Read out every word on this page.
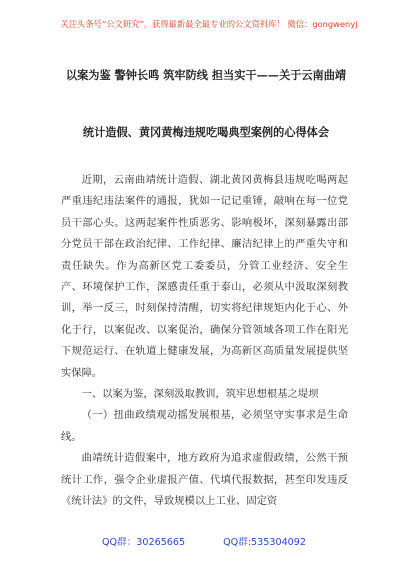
关注头条号“公文研究”，获得最新最全最专业的公文资料库！ 微信：gongwenyj
以案为鉴 警钟长鸣 筑牢防线 担当实干——关于云南曲靖
统计造假、黄冈黄梅违规吃喝典型案例的心得体会

近期，云南曲靖统计造假、湖北黄冈黄梅县违规吃喝两起严重违纪违法案件的通报，犹如一记记重锤，敲响在每一位党员干部心头。这两起案件性质恶劣、影响极坏，深刻暴露出部分党员干部在政治纪律、工作纪律、廉洁纪律上的严重失守和责任缺失。作为高新区党工委委员，分管工业经济、安全生产、环境保护工作，深感责任重于泰山，必须从中汲取深刻教训，举一反三，时刻保持清醒，切实将纪律规矩内化于心、外化于行，以案促改、以案促治，确保分管领域各项工作在阳光下规范运行、在轨道上健康发展，为高新区高质量发展提供坚实保障。

一、以案为鉴，深刻汲取教训，筑牢思想根基之堤坝

（一）扭曲政绩观动摇发展根基，必须坚守实事求是生命线。

曲靖统计造假案中，地方政府为追求虚假政绩，公然干预统计工作，强令企业虚报产值、代填代报数据，甚至印发违反《统计法》的文件，导致规模以上工业、固定资

QQ群：30265665	QQ群:535304092
